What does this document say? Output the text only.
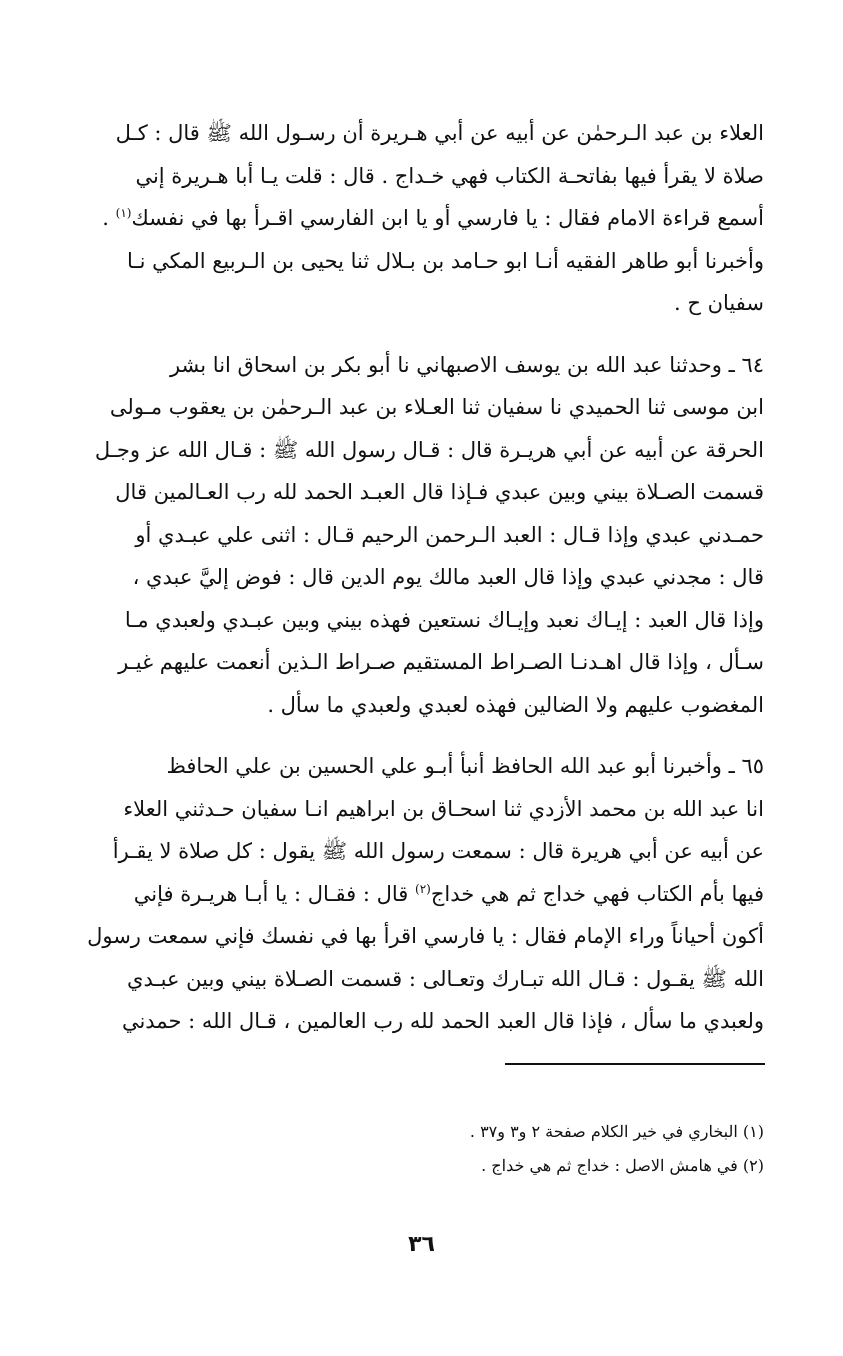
العلاء بن عبد الـرحمٰن عن أبيه عن أبي هـريرة أن رسـول الله ﷺ قال : كـل
صلاة لا يقرأ فيها بفاتحـة الكتاب فهي خـداج . قال : قلت يـا أبا هـريرة إني
أسمع قراءة الامام فقال : يا فارسي أو يا ابن الفارسي اقـرأ بها في نفسك$^{(١)}$ .
وأخبرنا أبو طاهر الفقيه أنـا ابو حـامد بن بـلال ثنا يحيى بن الـربيع المكي نـا
سفيان ح .

٦٤ ـ وحدثنا عبد الله بن يوسف الاصبهاني نا أبو بكر بن اسحاق انا بشر
ابن موسى ثنا الحميدي نا سفيان ثنا العـلاء بن عبد الـرحمٰن بن يعقوب مـولى
الحرقة عن أبيه عن أبي هريـرة قال : قـال رسول الله ﷺ : قـال الله عز وجـل
قسمت الصـلاة بيني وبين عبدي فـإذا قال العبـد الحمد لله رب العـالمين قال
حمـدني عبدي وإذا قـال : العبد الـرحمن الرحيم قـال : اثنى علي عبـدي أو
قال : مجدني عبدي وإذا قال العبد مالك يوم الدين قال : فوض إليَّ عبدي ،
وإذا قال العبد : إيـاك نعبد وإيـاك نستعين فهذه بيني وبين عبـدي ولعبدي مـا
سـأل ، وإذا قال اهـدنـا الصـراط المستقيم صـراط الـذين أنعمت عليهم غيـر
المغضوب عليهم ولا الضالين فهذه لعبدي ولعبدي ما سأل .

٦٥ ـ وأخبرنا أبو عبد الله الحافظ أنبأ أبـو علي الحسين بن علي الحافظ
انا عبد الله بن محمد الأزدي ثنا اسحـاق بن ابراهيم انـا سفيان حـدثني العلاء
عن أبيه عن أبي هريرة قال : سمعت رسول الله ﷺ يقول : كل صلاة لا يقـرأ
فيها بأم الكتاب فهي خداج ثم هي خداج$^{(٢)}$ قال : فقـال : يا أبـا هريـرة فإني
أكون أحياناً وراء الإمام فقال : يا فارسي اقرأ بها في نفسك فإني سمعت رسول
الله ﷺ يقـول : قـال الله تبـارك وتعـالى : قسمت الصـلاة بيني وبين عبـدي
ولعبدي ما سأل ، فإذا قال العبد الحمد لله رب العالمين ، قـال الله : حمدني

(١) البخاري في خير الكلام صفحة ٢ و٣ و٣٧ .
(٢) في هامش الاصل : خداج ثم هي خداج .
٣٦
